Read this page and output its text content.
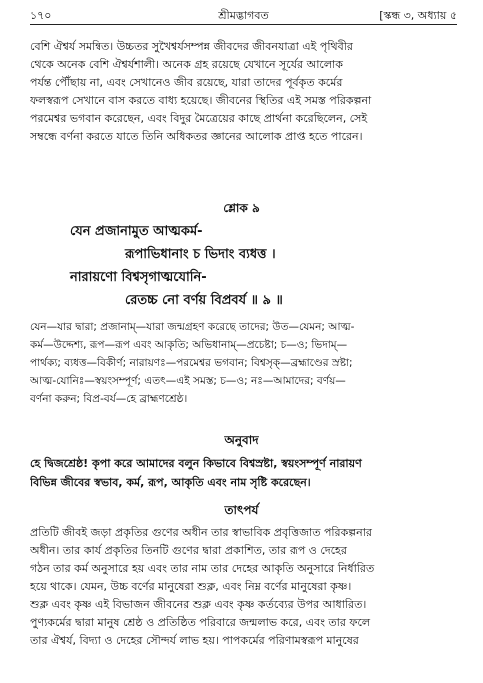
১৭০	শ্রীমদ্ভাগবত	[স্কন্ধ ৩, অধ্যায় ৫

বেশি ঐশ্বর্য সমন্বিত। উচ্চতর সুখৈশ্বর্যসম্পন্ন জীবদের জীবনযাত্রা এই পৃথিবীর
থেকে অনেক বেশি ঐশ্বর্যশালী। অনেক গ্রহ রয়েছে যেখানে সূর্যের আলোক
পর্যন্ত পৌঁছায় না, এবং সেখানেও জীব রয়েছে, যারা তাদের পূর্বকৃত কর্মের
ফলস্বরূপ সেখানে বাস করতে বাধ্য হয়েছে। জীবনের স্থিতির এই সমস্ত পরিকল্পনা
পরমেশ্বর ভগবান করেছেন, এবং বিদুর মৈত্রেয়ের কাছে প্রার্থনা করেছিলেন, সেই
সম্বন্ধে বর্ণনা করতে যাতে তিনি অধিকতর জ্ঞানের আলোক প্রাপ্ত হতে পারেন।

শ্লোক ৯
যেন প্রজানামুত আত্মকর্ম-
রূপাভিধানাং চ ভিদাং ব্যধত্ত ।
নারায়ণো বিশ্বসৃগাত্মযোনি-
রেতচ্চ নো বর্ণয় বিপ্রবর্য ॥ ৯ ॥

যেন—যার দ্বারা; প্রজানাম্—যারা জন্মগ্রহণ করেছে তাদের; উত—যেমন; আত্ম-
কর্ম—উদ্দেশ্য, রূপ—রূপ এবং আকৃতি; অভিধানাম্—প্রচেষ্টা; চ—ও; ভিদাম্—
পার্থক্য; ব্যধত্ত—বিকীর্ণ; নারায়ণঃ—পরমেশ্বর ভগবান; বিশ্বসৃক্—ব্রহ্মাণ্ডের স্রষ্টা;
আত্ম-যোনিঃ—স্বয়ংসম্পূর্ণ; এতৎ—এই সমস্ত; চ—ও; নঃ—আমাদের; বর্ণয়—
বর্ণনা করুন; বিপ্র-বর্য—হে ব্রাহ্মণশ্রেষ্ঠ।

অনুবাদ

হে দ্বিজশ্রেষ্ঠ! কৃপা করে আমাদের বলুন কিভাবে বিশ্বস্রষ্টা, স্বয়ংসম্পূর্ণ নারায়ণ
বিভিন্ন জীবের স্বভাব, কর্ম, রূপ, আকৃতি এবং নাম সৃষ্টি করেছেন।

তাৎপর্য

প্রতিটি জীবই জড়া প্রকৃতির গুণের অধীন তার স্বাভাবিক প্রবৃত্তিজাত পরিকল্পনার
অধীন। তার কার্য প্রকৃতির তিনটি গুণের দ্বারা প্রকাশিত, তার রূপ ও দেহের
গঠন তার কর্ম অনুসারে হয় এবং তার নাম তার দেহের আকৃতি অনুসারে নির্ধারিত
হয়ে থাকে। যেমন, উচ্চ বর্ণের মানুষেরা শুক্ল, এবং নিম্ন বর্ণের মানুষেরা কৃষ্ণ।
শুক্ল এবং কৃষ্ণ এই বিভাজন জীবনের শুক্ল এবং কৃষ্ণ কর্তব্যের উপর আধারিত।
পুণ্যকর্মের দ্বারা মানুষ শ্রেষ্ঠ ও প্রতিষ্ঠিত পরিবারে জন্মলাভ করে, এবং তার ফলে
তার ঐশ্বর্য, বিদ্যা ও দেহের সৌন্দর্য লাভ হয়। পাপকর্মের পরিণামস্বরূপ মানুষের
